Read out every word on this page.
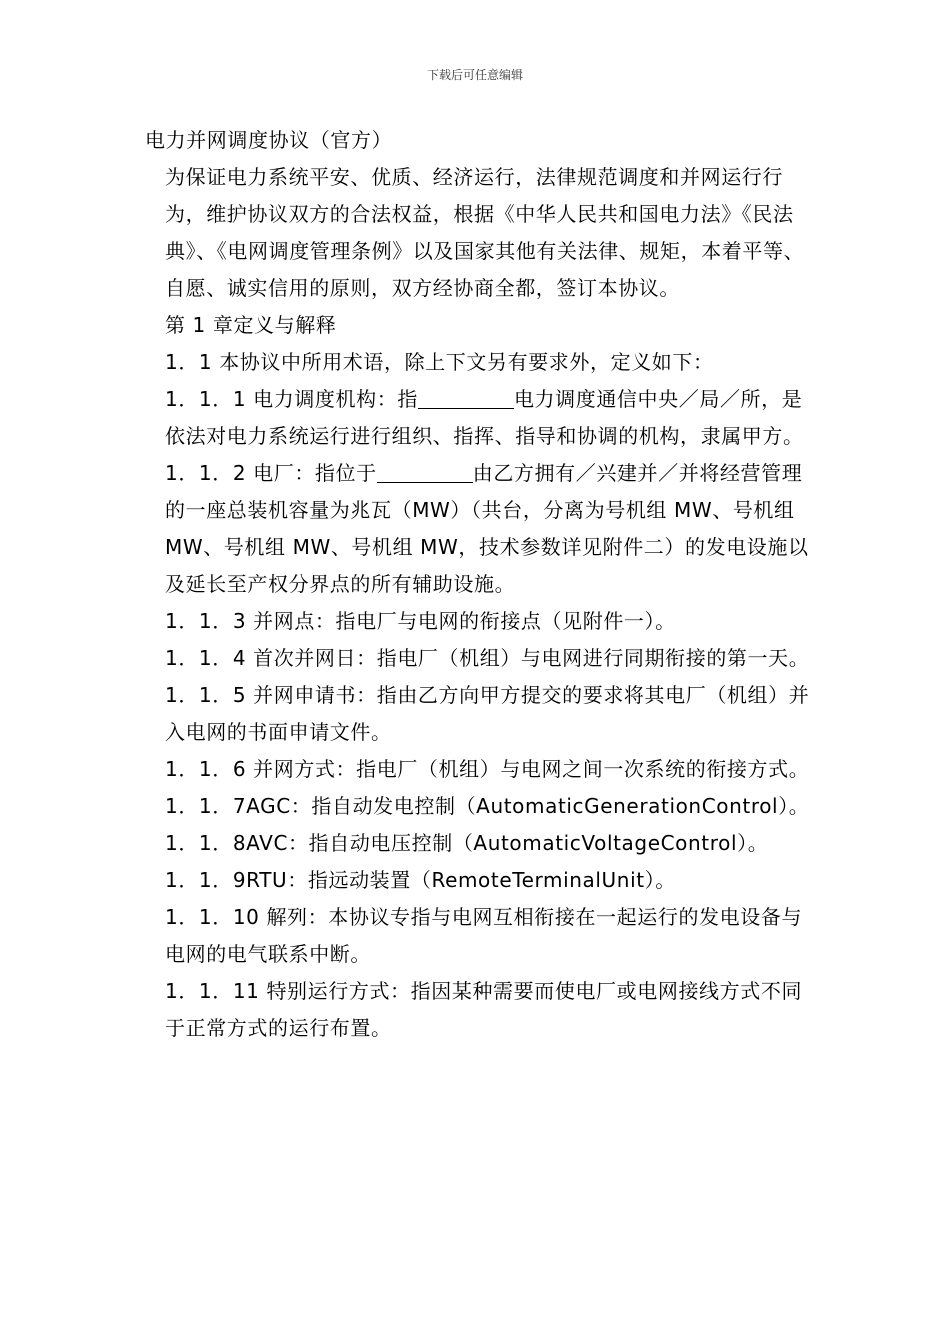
下载后可任意编辑

电力并网调度协议（官方）

为保证电力系统平安、优质、经济运行，法律规范调度和并网运行行为，维护协议双方的合法权益，根据《中华人民共和国电力法》《民法典》、《电网调度管理条例》以及国家其他有关法律、规矩，本着平等、自愿、诚实信用的原则，双方经协商全都，签订本协议。

第 1 章定义与解释

1．1 本协议中所用术语，除上下文另有要求外，定义如下：

1．1．1 电力调度机构：指	电力调度通信中央／局／所，是依法对电力系统运行进行组织、指挥、指导和协调的机构，隶属甲方。

1．1．2 电厂：指位于	由乙方拥有／兴建并／并将经营管理的一座总装机容量为兆瓦（MW）（共台，分离为号机组 MW、号机组 MW、号机组 MW、号机组 MW，技术参数详见附件二）的发电设施以及延长至产权分界点的所有辅助设施。

1．1．3 并网点：指电厂与电网的衔接点（见附件一）。

1．1．4 首次并网日：指电厂（机组）与电网进行同期衔接的第一天。

1．1．5 并网申请书：指由乙方向甲方提交的要求将其电厂（机组）并入电网的书面申请文件。

1．1．6 并网方式：指电厂（机组）与电网之间一次系统的衔接方式。

1．1．7AGC：指自动发电控制（AutomaticGenerationControl）。

1．1．8AVC：指自动电压控制（AutomaticVoltageControl）。

1．1．9RTU：指远动装置（RemoteTerminalUnit）。

1．1．10 解列：本协议专指与电网互相衔接在一起运行的发电设备与电网的电气联系中断。

1．1．11 特别运行方式：指因某种需要而使电厂或电网接线方式不同于正常方式的运行布置。
